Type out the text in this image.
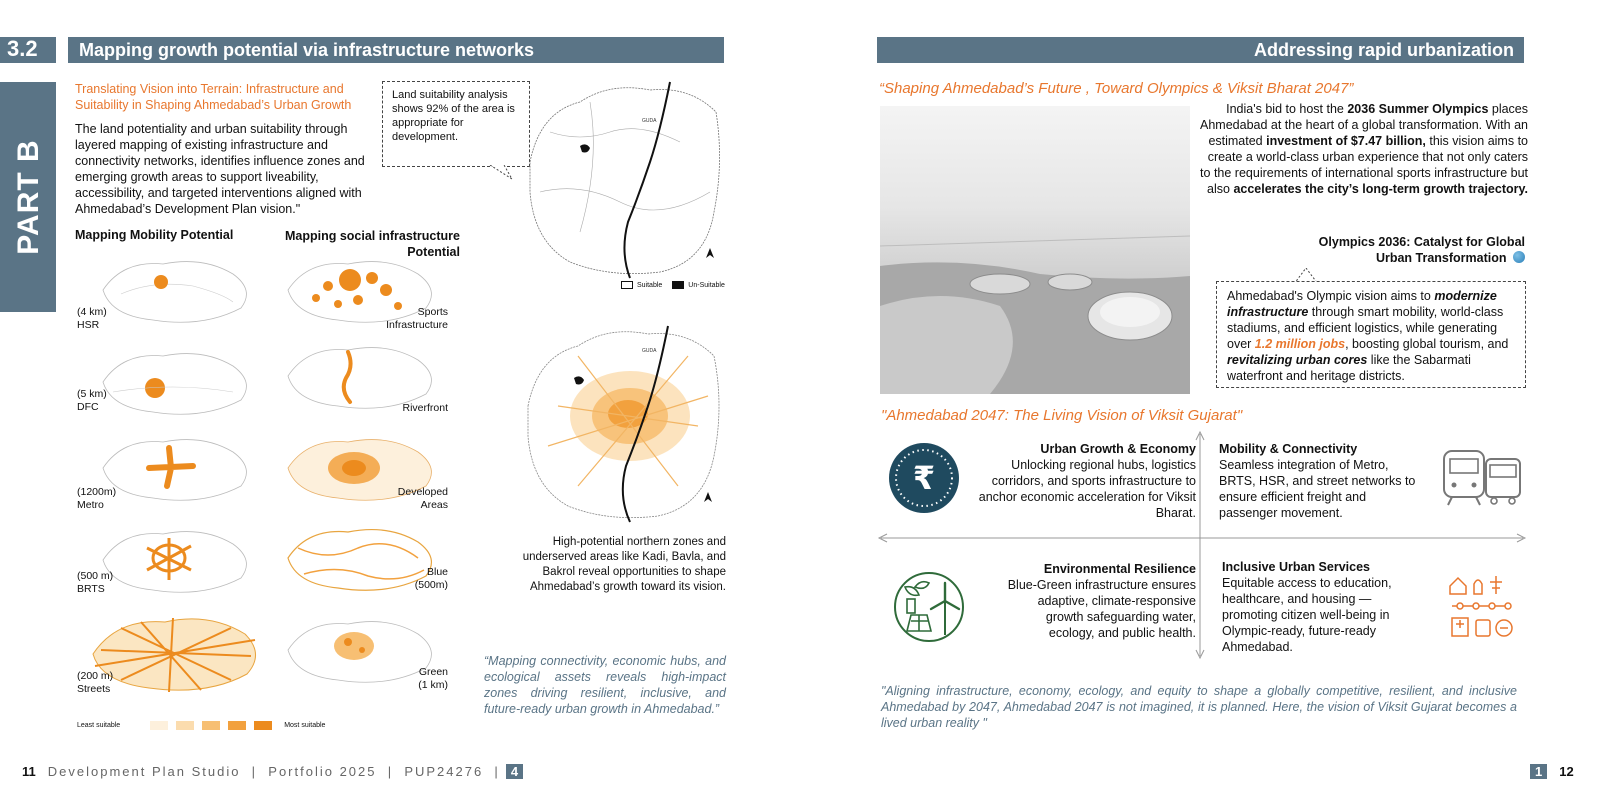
3.2 Mapping growth potential via infrastructure networks
PART B
Translating Vision into Terrain: Infrastructure and Suitability in Shaping Ahmedabad’s Urban Growth
The land potentiality and urban suitability through layered mapping of existing infrastructure and connectivity networks, identifies influence zones and emerging growth areas to support liveability, accessibility, and targeted interventions aligned with Ahmedabad’s Development Plan vision."
Land suitability analysis shows 92% of the area is appropriate for development.
Mapping Mobility Potential	Mapping social infrastructure Potential
(4 km)
HSR
(5 km)
DFC
(1200m)
Metro
(500 m)
BRTS
(200 m)
Streets
Sports
Infrastructure
Riverfront
Developed
Areas
Blue
(500m)
Green
(1 km)
Least suitable	Most suitable
GUDA
Suitable	Un-Suitable
GUDA
High-potential northern zones and underserved areas like Kadi, Bavla, and Bakrol reveal opportunities to shape Ahmedabad’s growth toward its vision.
“Mapping connectivity, economic hubs, and ecological assets reveals high-impact zones driving resilient, inclusive, and future-ready urban growth in Ahmedabad.”
Addressing rapid urbanization
“Shaping Ahmedabad’s Future , Toward Olympics & Viksit Bharat 2047”
India's bid to host the 2036 Summer Olympics places Ahmedabad at the heart of a global transformation. With an estimated investment of $7.47 billion, this vision aims to create a world-class urban experience that not only caters to the requirements of international sports infrastructure but also accelerates the city’s long-term growth trajectory.
Olympics 2036: Catalyst for Global Urban Transformation
Ahmedabad's Olympic vision aims to modernize infrastructure through smart mobility, world-class stadiums, and efficient logistics, while generating over 1.2 million jobs, boosting global tourism, and revitalizing urban cores like the Sabarmati waterfront and heritage districts.
"Ahmedabad 2047: The Living Vision of Viksit Gujarat"
₹
Urban Growth & Economy
Unlocking regional hubs, logistics corridors, and sports infrastructure to anchor economic acceleration for Viksit Bharat.
Mobility & Connectivity
Seamless integration of Metro, BRTS, HSR, and street networks to ensure efficient freight and passenger movement.
Environmental Resilience
Blue-Green infrastructure ensures adaptive, climate-responsive growth safeguarding water, ecology, and public health.
Inclusive Urban Services
Equitable access to education, healthcare, and housing — promoting citizen well-being in Olympic-ready, future-ready Ahmedabad.
"Aligning infrastructure, economy, ecology, and equity to shape a globally competitive, resilient, and inclusive Ahmedabad by 2047, Ahmedabad 2047 is not imagined, it is planned. Here, the vision of Viksit Gujarat becomes a lived urban reality "
11 Development Plan Studio  |  Portfolio 2025  |  PUP24276  | 4	1	12
